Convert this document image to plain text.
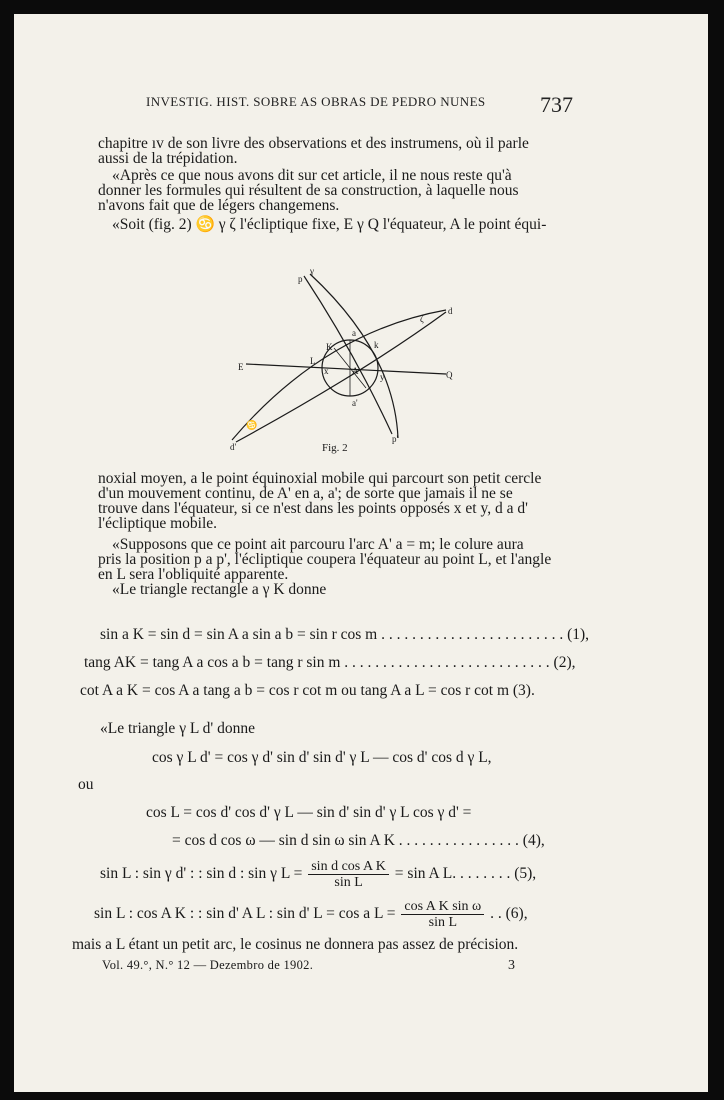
INVESTIG. HIST. SOBRE AS OBRAS DE PEDRO NUNES	737
chapitre ıv de son livre des observations et des instrumens, où il parle
aussi de la trépidation.
«Après ce que nous avons dit sur cet article, il ne nous reste qu'à
donner les formules qui résultent de sa construction, à laquelle nous
n'avons fait que de légers changemens.
«Soit (fig. 2) ♋ γ ζ l'écliptique fixe, E γ Q l'équateur, A le point équi-
E
Q
p
γ
p'
d
d'
a
a'
K
L
A
x
y
k
ζ
♋
Fig. 2
noxial moyen, a le point équinoxial mobile qui parcourt son petit cercle
d'un mouvement continu, de A' en a, a'; de sorte que jamais il ne se
trouve dans l'équateur, si ce n'est dans les points opposés x et y, d a d'
l'écliptique mobile.
«Supposons que ce point ait parcouru l'arc A' a = m; le colure aura
pris la position p a p', l'écliptique coupera l'équateur au point L, et l'angle
en L sera l'obliquité apparente.
«Le triangle rectangle a γ K donne
sin a K = sin d = sin A a sin a b = sin r cos m . . . . . . . . . . . . . . . . . . . . . . . . (1),
tang AK = tang A a cos a b = tang r sin m . . . . . . . . . . . . . . . . . . . . . . . . . . . (2),
cot A a K = cos A a tang a b = cos r cot m ou tang A a L = cos r cot m (3).
«Le triangle γ L d' donne
cos γ L d' = cos γ d' sin d' sin d' γ L — cos d' cos d γ L,
ou
cos L = cos d' cos d' γ L — sin d' sin d' γ L cos γ d' =
= cos d cos ω — sin d sin ω sin A K . . . . . . . . . . . . . . . . (4),
sin L : sin γ d' : : sin d : sin γ $L = \frac{\text{sin d cos A K}}{\text{sin L}} = \sin A$ L. . . . . . . . (5),
sin L : cos A K : : sin d' A L : sin d' L = cos a $L = \frac{\text{cos A K sin ω}}{\text{sin L}}$ . . (6),
mais a L étant un petit arc, le cosinus ne donnera pas assez de précision.
Vol. 49.°, N.° 12 — Dezembro de 1902.	3
